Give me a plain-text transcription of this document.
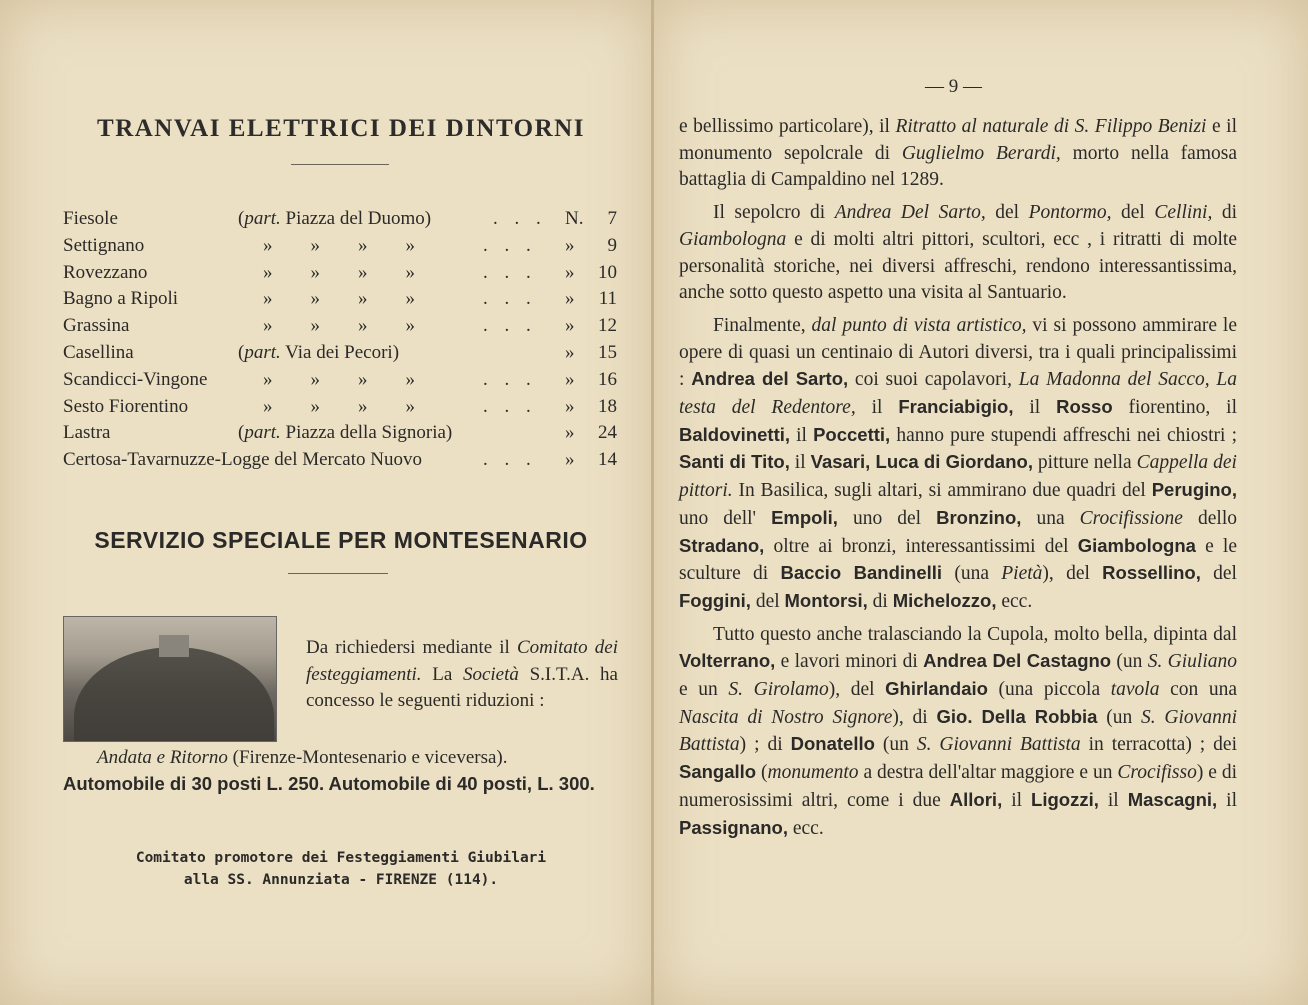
TRANVAI ELETTRICI DEI DINTORNI
Fiesole	(part. Piazza del Duomo)	. . . N. 7
Settignano	»  »  »  »	. . . » 9
Rovezzano	»  »  »  »	. . . » 10
Bagno a Ripoli	»  »  »  »	. . . » 11
Grassina	»  »  »  »	. . . » 12
Casellina	(part. Via dei Pecori)	» 15
Scandicci-Vingone	»  »  »  »	. . . » 16
Sesto Fiorentino	»  »  »  »	. . . » 18
Lastra	(part. Piazza della Signoria)	» 24
Certosa-Tavarnuzze-Logge del Mercato Nuovo	. . . » 14
SERVIZIO SPECIALE PER MONTESENARIO
Da richiedersi mediante il Comitato dei festeggiamenti. La Società S.I.T.A. ha concesso le seguenti riduzioni :
Andata e Ritorno (Firenze-Montesenario e viceversa).
Automobile di 30 posti L. 250. Automobile di 40 posti, L. 300.
Comitato promotore dei Festeggiamenti Giubilari
alla SS. Annunziata - FIRENZE (114).
— 9 —

e bellissimo particolare), il Ritratto al naturale di S. Filippo Benizi e il monumento sepolcrale di Guglielmo Berardi, morto nella famosa battaglia di Campaldino nel 1289.

Il sepolcro di Andrea Del Sarto, del Pontormo, del Cellini, di Giambologna e di molti altri pittori, scultori, ecc , i ritratti di molte personalità storiche, nei diversi affreschi, rendono interessantissima, anche sotto questo aspetto una visita al Santuario.

Finalmente, dal punto di vista artistico, vi si possono ammirare le opere di quasi un centinaio di Autori diversi, tra i quali principalissimi : Andrea del Sarto, coi suoi capolavori, La Madonna del Sacco, La testa del Redentore, il Franciabigio, il Rosso fiorentino, il Baldovinetti, il Poccetti, hanno pure stupendi affreschi nei chiostri ; Santi di Tito, il Vasari, Luca di Giordano, pitture nella Cappella dei pittori. In Basilica, sugli altari, si ammirano due quadri del Perugino, uno dell' Empoli, uno del Bronzino, una Crocifissione dello Stradano, oltre ai bronzi, interessantissimi del Giambologna e le sculture di Baccio Bandinelli (una Pietà), del Rossellino, del Foggini, del Montorsi, di Michelozzo, ecc.

Tutto questo anche tralasciando la Cupola, molto bella, dipinta dal Volterrano, e lavori minori di Andrea Del Castagno (un S. Giuliano e un S. Girolamo), del Ghirlandaio (una piccola tavola con una Nascita di Nostro Signore), di Gio. Della Robbia (un S. Giovanni Battista) ; di Donatello (un S. Giovanni Battista in terracotta) ; dei Sangallo (monumento a destra dell'altar maggiore e un Crocifisso) e di numerosissimi altri, come i due Allori, il Ligozzi, il Mascagni, il Passignano, ecc.
